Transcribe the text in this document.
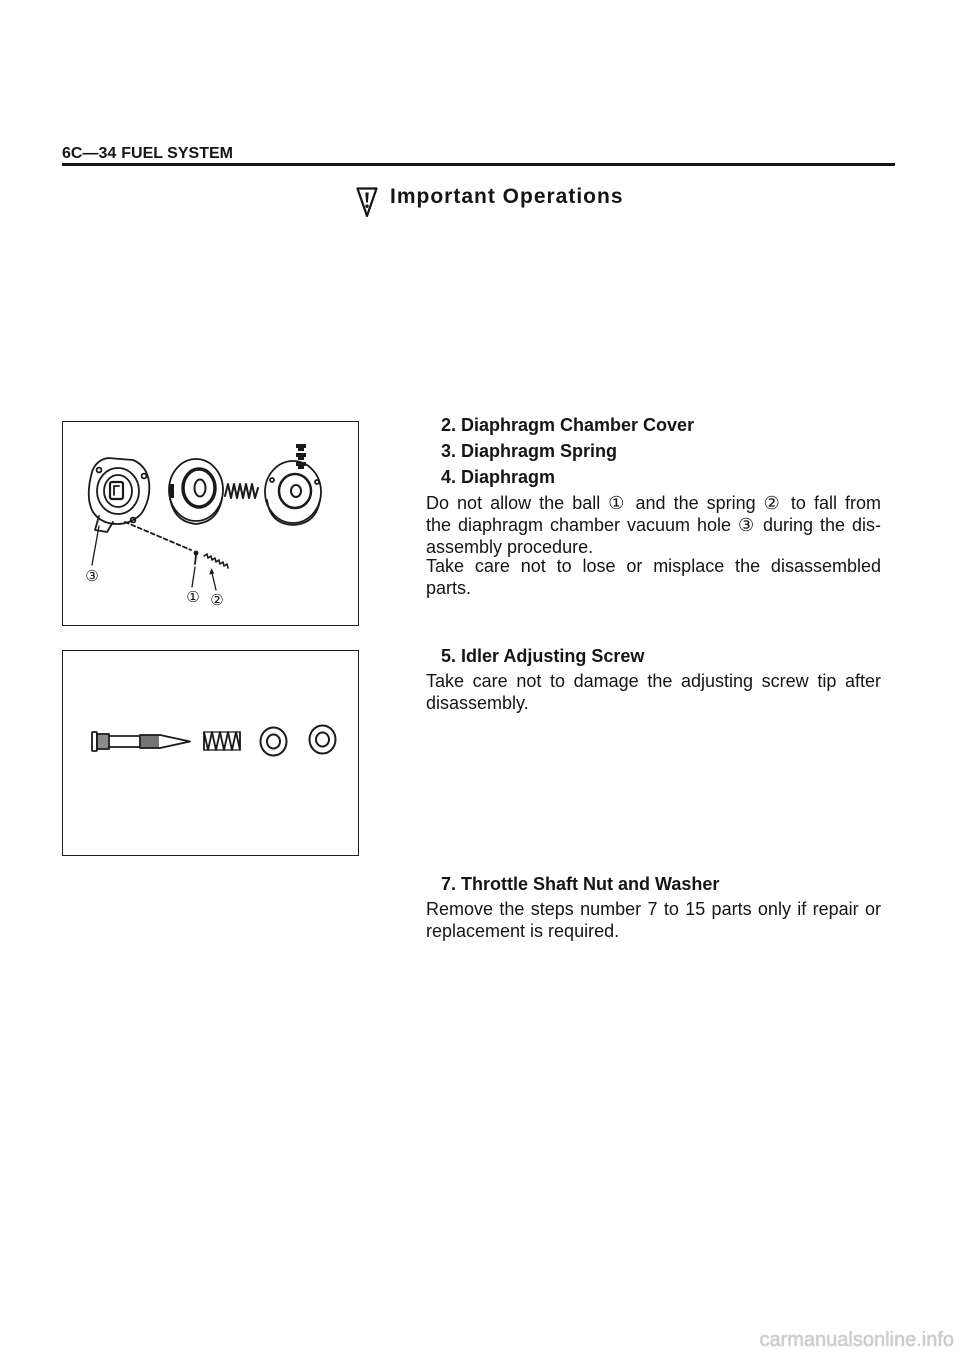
6C—34 FUEL SYSTEM
Important Operations
③
① ②
2. Diaphragm Chamber Cover
3. Diaphragm Spring
4. Diaphragm
Do not allow the ball ① and the spring ② to fall from
the diaphragm chamber vacuum hole ③ during the dis-
assembly procedure.
Take care not to lose or misplace the disassembled
parts.
5. Idler Adjusting Screw
Take care not to damage the adjusting screw tip after
disassembly.
7. Throttle Shaft Nut and Washer
Remove the steps number 7 to 15 parts only if repair or
replacement is required.
carmanualsonline.info
